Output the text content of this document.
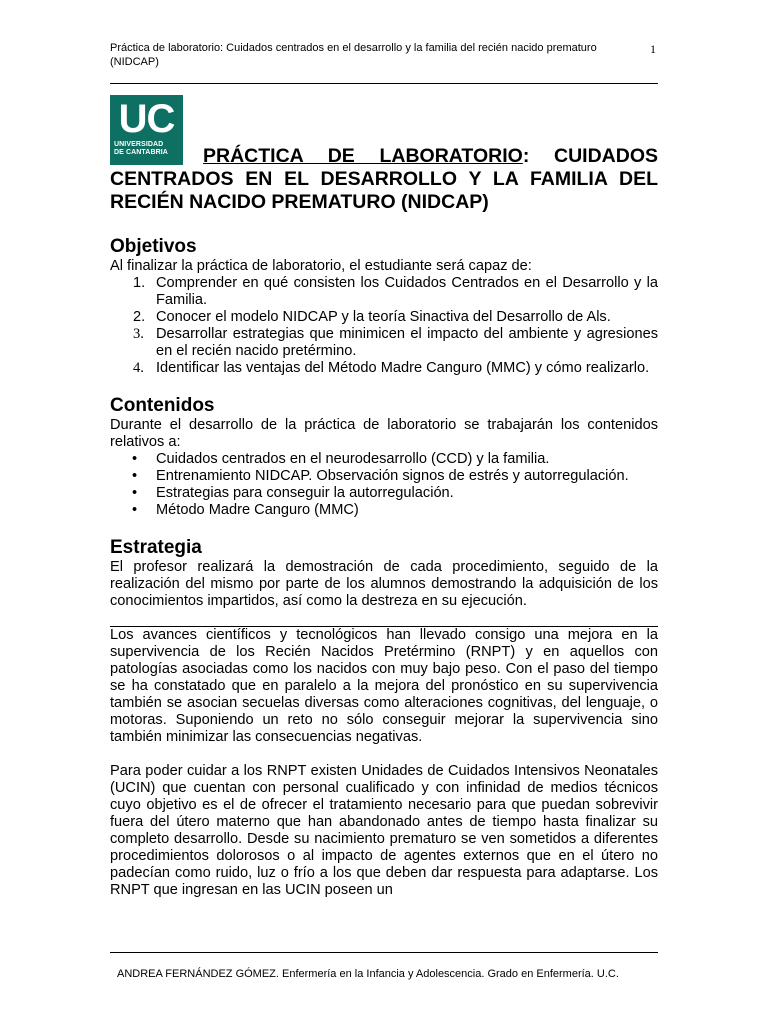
Práctica de laboratorio: Cuidados centrados en el desarrollo y la familia del recién nacido prematuro (NIDCAP)
1
UC
UNIVERSIDAD
DE CANTABRIA	PRÁCTICA DE LABORATORIO: CUIDADOS CENTRADOS EN EL DESARROLLO Y LA FAMILIA DEL RECIÉN NACIDO PREMATURO (NIDCAP)
Objetivos

Al finalizar la práctica de laboratorio, el estudiante será capaz de:

1. Comprender en qué consisten los Cuidados Centrados en el Desarrollo y la Familia.
2. Conocer el modelo NIDCAP y la teoría Sinactiva del Desarrollo de Als.
3. Desarrollar estrategias que minimicen el impacto del ambiente y agresiones en el recién nacido pretérmino.
4. Identificar las ventajas del Método Madre Canguro (MMC) y cómo realizarlo.
Contenidos

Durante el desarrollo de la práctica de laboratorio se trabajarán los contenidos relativos a:

• Cuidados centrados en el neurodesarrollo (CCD) y la familia.
• Entrenamiento NIDCAP. Observación signos de estrés y autorregulación.
• Estrategias para conseguir la autorregulación.
• Método Madre Canguro (MMC)
Estrategia

El profesor realizará la demostración de cada procedimiento, seguido de la realización del mismo por parte de los alumnos demostrando la adquisición de los conocimientos impartidos, así como la destreza en su ejecución.

Los avances científicos y tecnológicos han llevado consigo una mejora en la supervivencia de los Recién Nacidos Pretérmino (RNPT) y en aquellos con patologías asociadas como los nacidos con muy bajo peso. Con el paso del tiempo se ha constatado que en paralelo a la mejora del pronóstico en su supervivencia también se asocian secuelas diversas como alteraciones cognitivas, del lenguaje, o motoras. Suponiendo un reto no sólo conseguir mejorar la supervivencia sino también minimizar las consecuencias negativas.

Para poder cuidar a los RNPT existen Unidades de Cuidados Intensivos Neonatales (UCIN) que cuentan con personal cualificado y con infinidad de medios técnicos cuyo objetivo es el de ofrecer el tratamiento necesario para que puedan sobrevivir fuera del útero materno que han abandonado antes de tiempo hasta finalizar su completo desarrollo. Desde su nacimiento prematuro se ven sometidos a diferentes procedimientos dolorosos o al impacto de agentes externos que en el útero no padecían como ruido, luz o frío a los que deben dar respuesta para adaptarse. Los RNPT que ingresan en las UCIN poseen un

ANDREA FERNÁNDEZ GÓMEZ. Enfermería en la Infancia y Adolescencia. Grado en Enfermería. U.C.
